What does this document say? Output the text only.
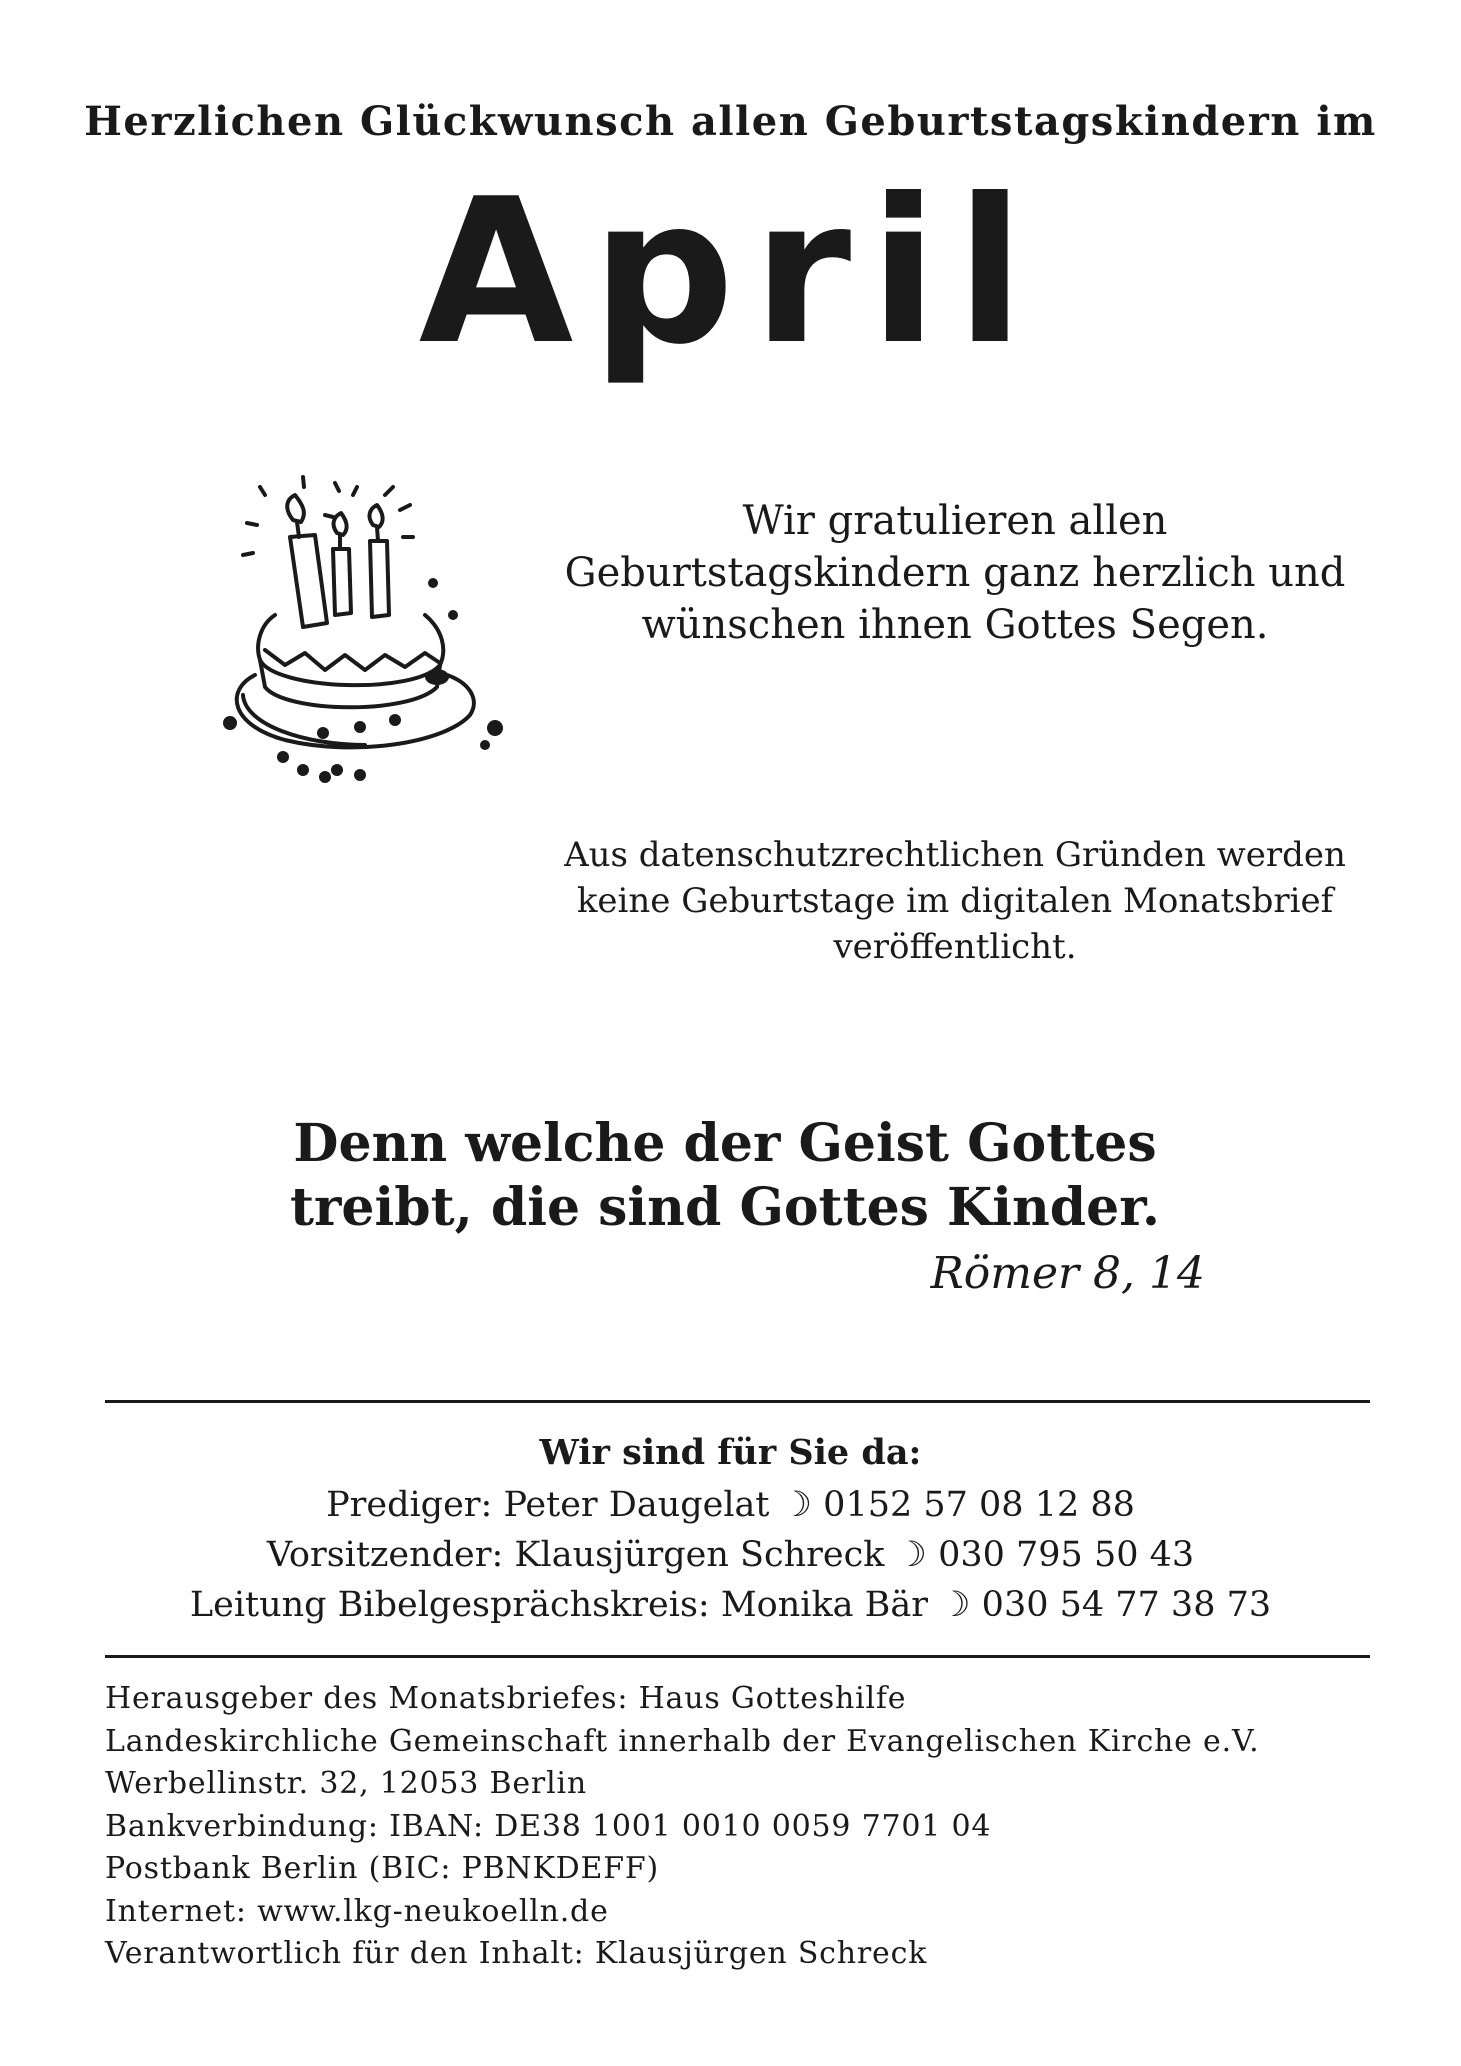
Herzlichen Glückwunsch allen Geburtstagskindern im
April
Wir gratulieren allen
Geburtstagskindern ganz herzlich und
wünschen ihnen Gottes Segen.
Aus datenschutzrechtlichen Gründen werden
keine Geburtstage im digitalen Monatsbrief
veröffentlicht.
Denn welche der Geist Gottes
treibt, die sind Gottes Kinder.
Römer 8, 14
Wir sind für Sie da:
Prediger: Peter Daugelat ☽ 0152 57 08 12 88
Vorsitzender: Klausjürgen Schreck ☽ 030 795 50 43
Leitung Bibelgesprächskreis: Monika Bär ☽ 030 54 77 38 73
Herausgeber des Monatsbriefes: Haus Gotteshilfe
Landeskirchliche Gemeinschaft innerhalb der Evangelischen Kirche e.V.
Werbellinstr. 32, 12053 Berlin
Bankverbindung: IBAN: DE38 1001 0010 0059 7701 04
Postbank Berlin (BIC: PBNKDEFF)
Internet: www.lkg-neukoelln.de
Verantwortlich für den Inhalt: Klausjürgen Schreck
